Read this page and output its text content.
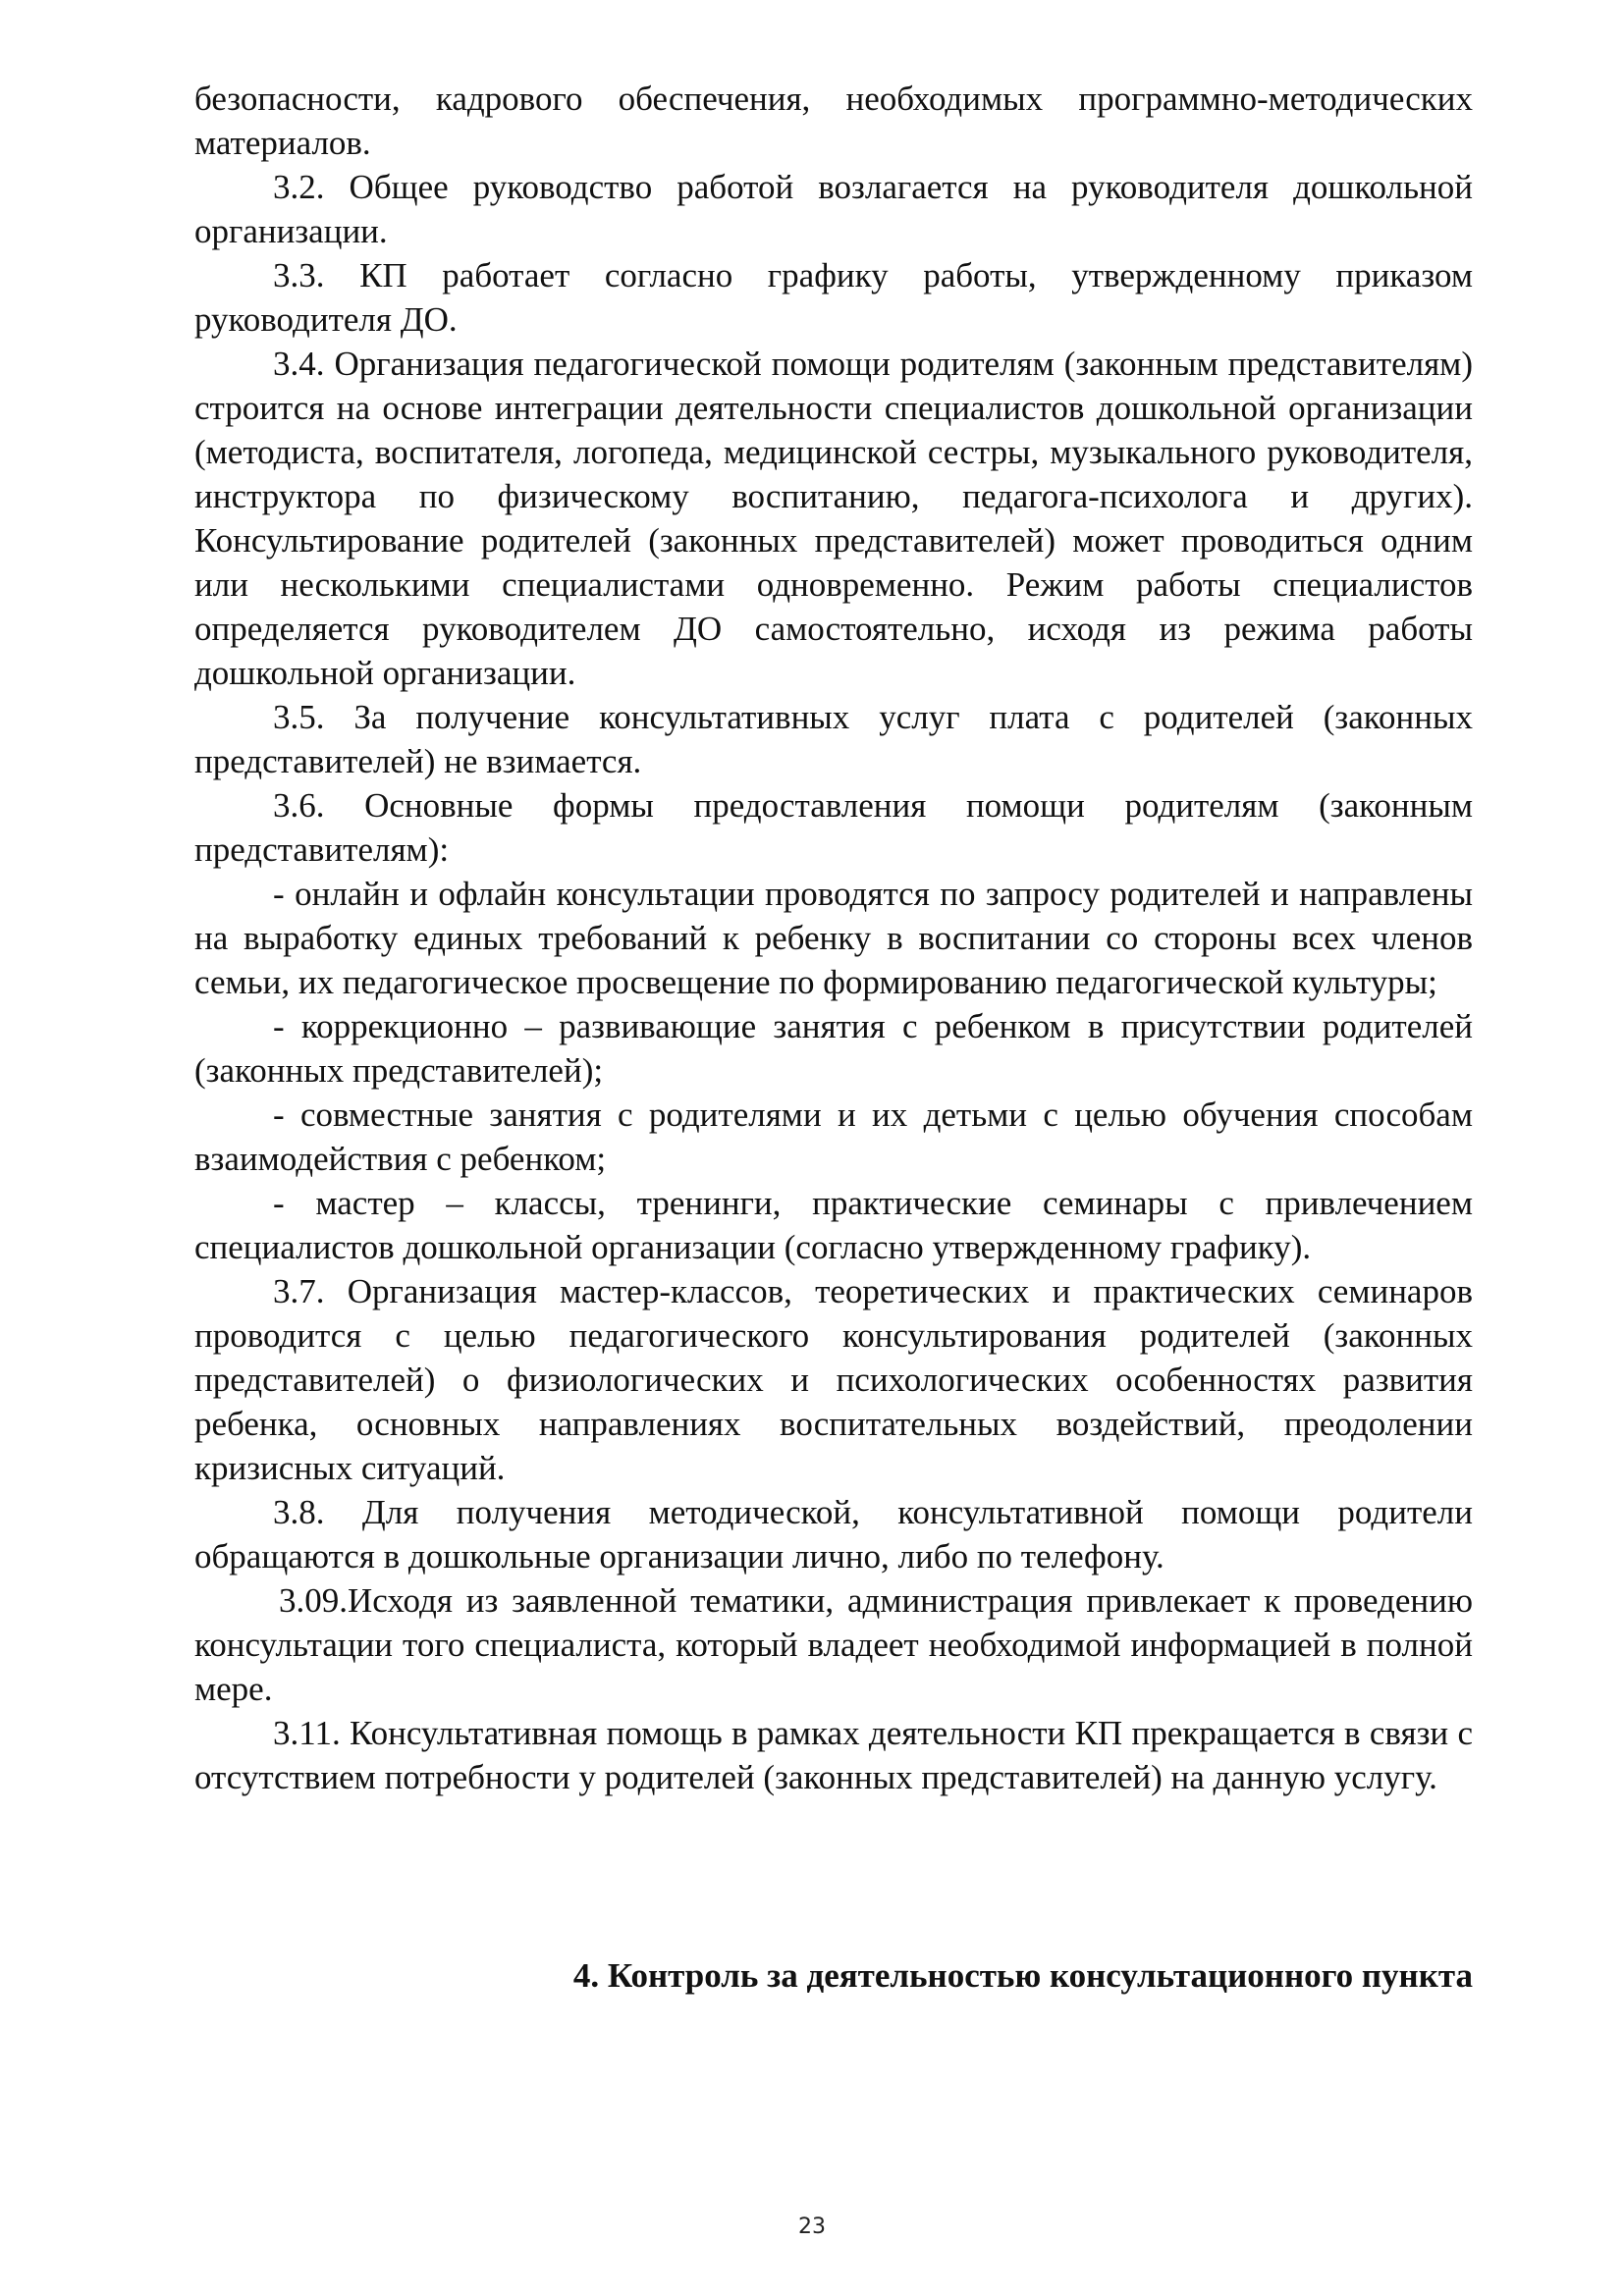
безопасности, кадрового обеспечения, необходимых программно-методических материалов.

3.2. Общее руководство работой возлагается на руководителя дошкольной организации.

3.3. КП работает согласно графику работы, утвержденному приказом руководителя ДО.

3.4. Организация педагогической помощи родителям (законным представителям) строится на основе интеграции деятельности специалистов дошкольной организации (методиста, воспитателя, логопеда, медицинской сестры, музыкального руководителя, инструктора по физическому воспитанию, педагога-психолога и других). Консультирование родителей (законных представителей) может проводиться одним или несколькими специалистами одновременно. Режим работы специалистов определяется руководителем ДО самостоятельно, исходя из режима работы дошкольной организации.

3.5. За получение консультативных услуг плата с родителей (законных представителей) не взимается.

3.6. Основные формы предоставления помощи родителям (законным представителям):

- онлайн и офлайн консультации проводятся по запросу родителей и направлены на выработку единых требований к ребенку в воспитании со стороны всех членов семьи, их педагогическое просвещение по формированию педагогической культуры;

- коррекционно – развивающие занятия с ребенком в присутствии родителей (законных представителей);

- совместные занятия с родителями и их детьми с целью обучения способам взаимодействия с ребенком;

- мастер – классы, тренинги, практические семинары с привлечением специалистов дошкольной организации (согласно утвержденному графику).

3.7. Организация мастер-классов, теоретических и практических семинаров проводится с целью педагогического консультирования родителей (законных представителей) о физиологических и психологических особенностях развития ребенка, основных направлениях воспитательных воздействий, преодолении кризисных ситуаций.

3.8. Для получения методической, консультативной помощи родители обращаются в дошкольные организации лично, либо по телефону.

3.09.Исходя из заявленной тематики, администрация привлекает к проведению консультации того специалиста, который владеет необходимой информацией в полной мере.

3.11. Консультативная помощь в рамках деятельности КП прекращается в связи с отсутствием потребности у родителей (законных представителей) на данную услугу.

4. Контроль за деятельностью консультационного пункта
23
